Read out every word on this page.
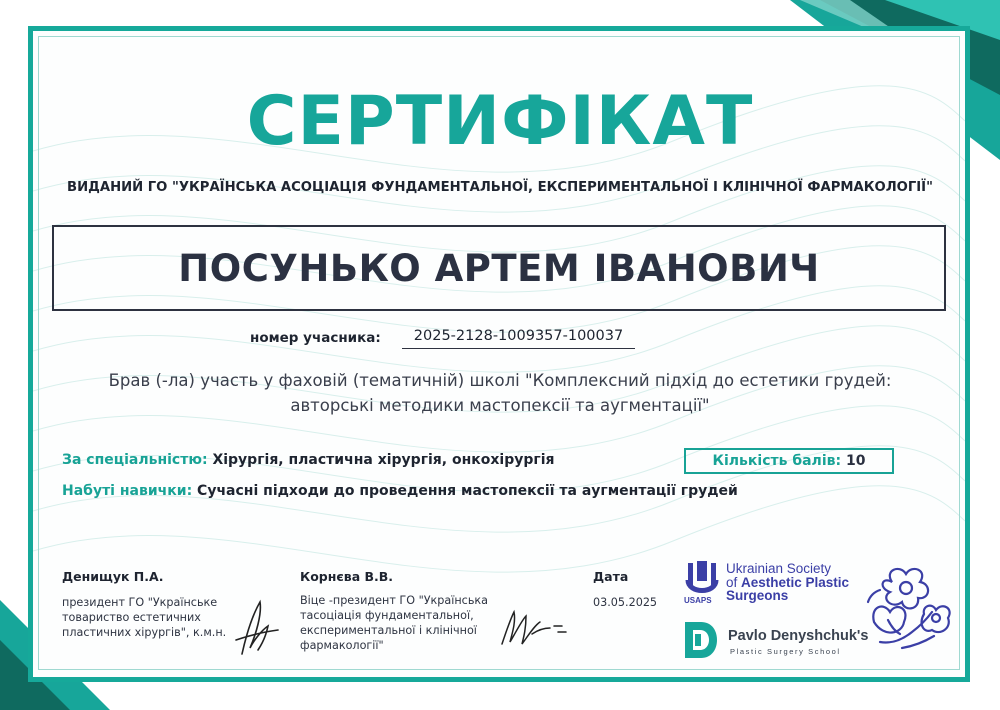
СЕРТИФІКАТ
ВИДАНИЙ ГО "УКРАЇНСЬКА АСОЦІАЦІЯ ФУНДАМЕНТАЛЬНОЇ, ЕКСПЕРИМЕНТАЛЬНОЇ І КЛІНІЧНОЇ ФАРМАКОЛОГІЇ"
ПОСУНЬКО АРТЕМ ІВАНОВИЧ
номер учасника:	2025-2128-1009357-100037
Брав (-ла) участь у фаховій (тематичній) школі "Комплексний підхід до естетики грудей:
авторські методики мастопексії та аугментації"
За спеціальністю: Хірургія, пластична хірургія, онкохірургія	Кількість балів:
10
Набуті навички: Сучасні підходи до проведення мастопексії та аугментації грудей
Денищук П.А.
президент ГО "Українське
товариство естетичних
пластичних хірургів", к.м.н.
Корнєва В.В.
Віце -президент ГО "Українська
тасоціація фундаментальної,
експериментальної і клінічної
фармакології"
Дата
03.05.2025	USAPS
Ukrainian Society
of Aesthetic Plastic
Surgeons
Pavlo Denyshchuk's
Plastic Surgery School
